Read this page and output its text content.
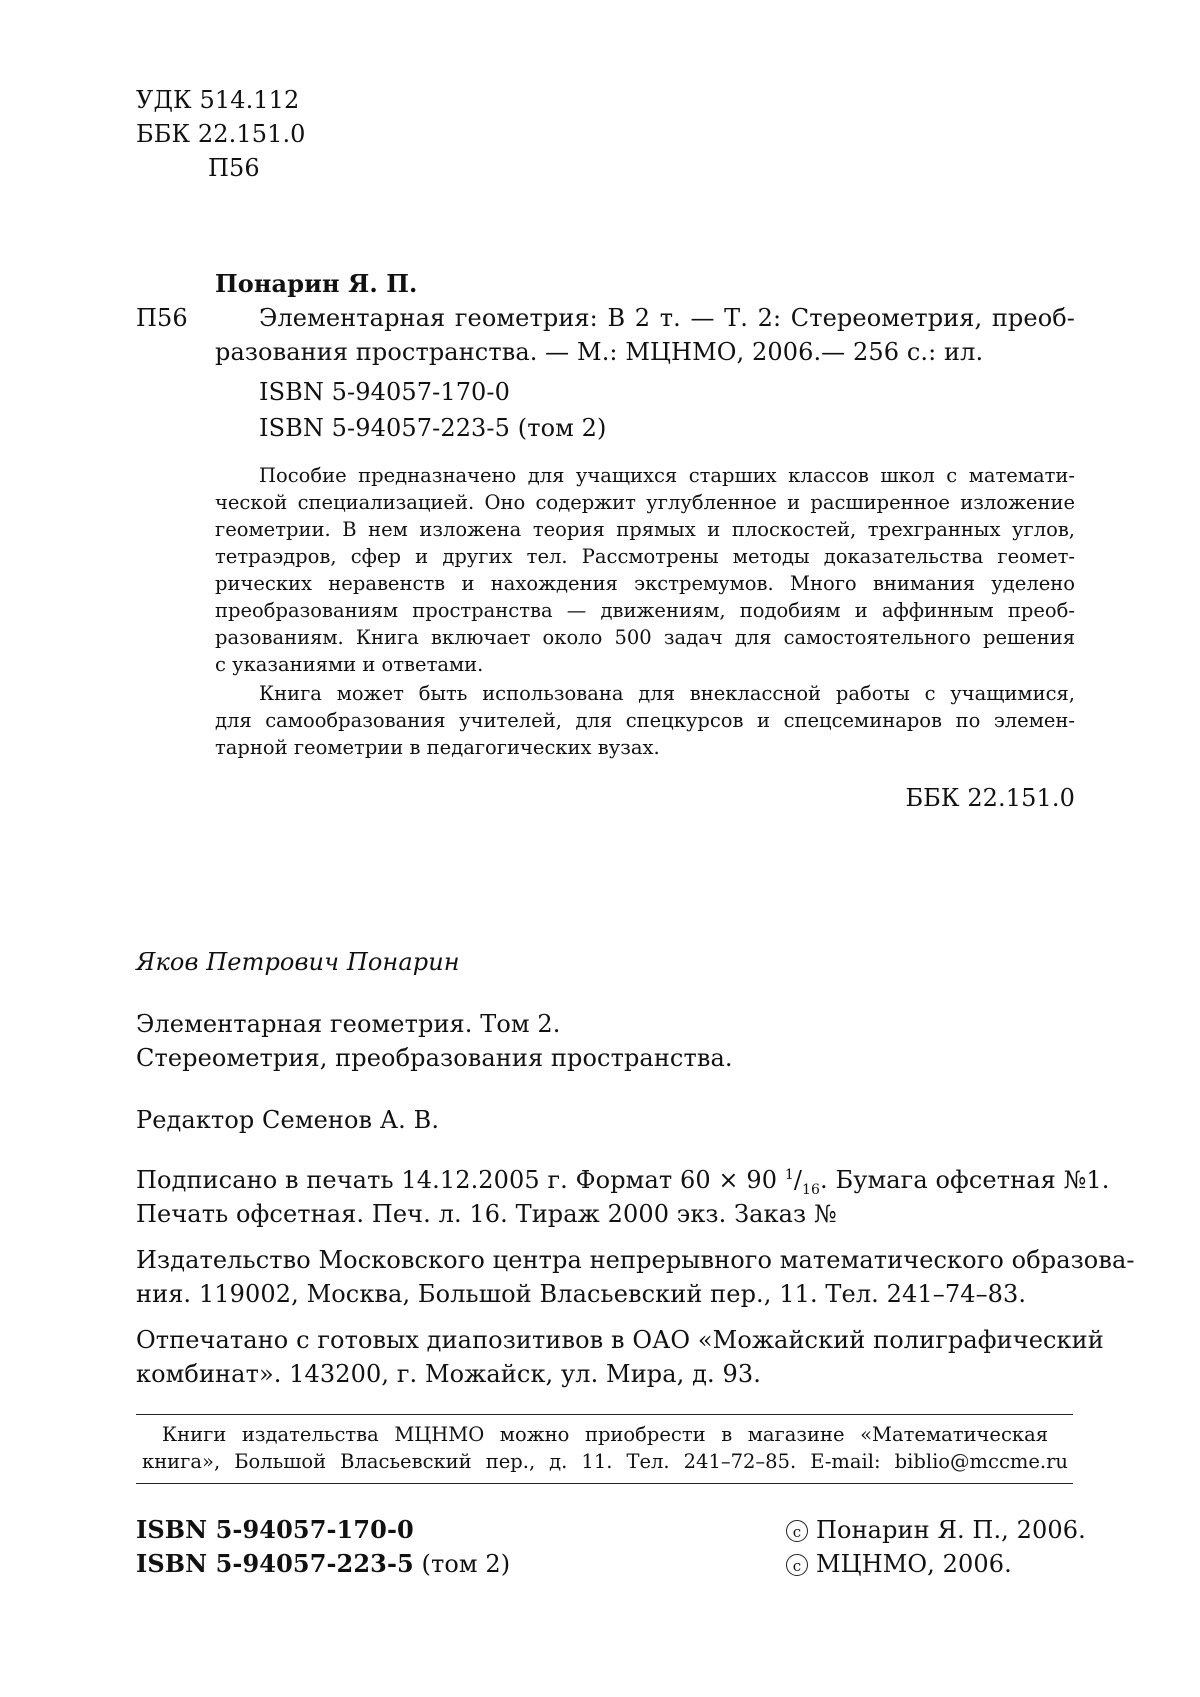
УДК 514.112
ББК 22.151.0
П56
Понарин Я. П.
П56	Элементарная геометрия: В 2 т. — Т. 2: Стереометрия, преоб-
разования пространства. — М.: МЦНМО, 2006.— 256 с.: ил.
ISBN 5-94057-170-0
ISBN 5-94057-223-5 (том 2)
Пособие предназначено для учащихся старших классов школ с математи-
ческой специализацией. Оно содержит углубленное и расширенное изложение
геометрии. В нем изложена теория прямых и плоскостей, трехгранных углов,
тетраэдров, сфер и других тел. Рассмотрены методы доказательства геомет-
рических неравенств и нахождения экстремумов. Много внимания уделено
преобразованиям пространства — движениям, подобиям и аффинным преоб-
разованиям. Книга включает около 500 задач для самостоятельного решения
с указаниями и ответами.
Книга может быть использована для внеклассной работы с учащимися,
для самообразования учителей, для спецкурсов и спецсеминаров по элемен-
тарной геометрии в педагогических вузах.
ББК 22.151.0
Яков Петрович Понарин
Элементарная геометрия. Том 2.
Стереометрия, преобразования пространства.
Редактор Семенов А. В.
Подписано в печать 14.12.2005 г. Формат 60 × 90 $^1/_{16}$. Бумага офсетная №1.
Печать офсетная. Печ. л. 16. Тираж 2000 экз. Заказ №
Издательство Московского центра непрерывного математического образова-
ния. 119002, Москва, Большой Власьевский пер., 11. Тел. 241–74–83.
Отпечатано с готовых диапозитивов в ОАО «Можайский полиграфический
комбинат». 143200, г. Можайск, ул. Мира, д. 93.
Книги издательства МЦНМО можно приобрести в магазине «Математическая
книга», Большой Власьевский пер., д. 11. Тел. 241–72–85. E-mail: biblio@mccme.ru
ISBN 5-94057-170-0
ISBN 5-94057-223-5 (том 2)
c Понарин Я. П., 2006.
c МЦНМО, 2006.
